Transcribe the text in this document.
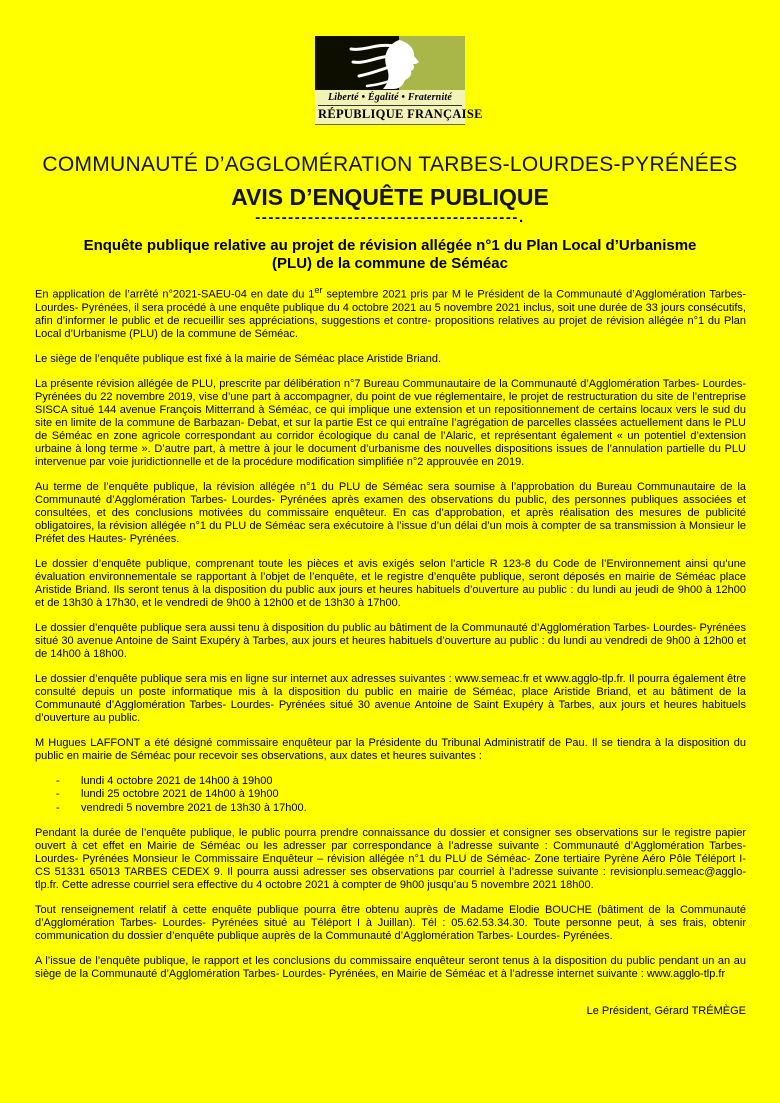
Liberté • Égalité • Fraternité
RÉPUBLIQUE FRANÇAISE
COMMUNAUTÉ D’AGGLOMÉRATION TARBES-LOURDES-PYRÉNÉES
AVIS D’ENQUÊTE PUBLIQUE
----------------------------------------.
Enquête publique relative au projet de révision allégée n°1 du Plan Local d’Urbanisme
(PLU) de la commune de Séméac

En application de l’arrêté n°2021-SAEU-04 en date du 1er septembre 2021 pris par M le Président de la Communauté d’Agglomération Tarbes- Lourdes- Pyrénées, il sera procédé à une enquête publique du 4 octobre 2021 au 5 novembre 2021 inclus, soit une durée de 33 jours consécutifs, afin d’informer le public et de recueillir ses appréciations, suggestions et contre- propositions relatives au projet de révision allégée n°1 du Plan Local d’Urbanisme (PLU) de la commune de Séméac.

Le siège de l’enquête publique est fixé à la mairie de Séméac place Aristide Briand.

La présente révision allégée de PLU, prescrite par délibération n°7 Bureau Communautaire de la Communauté d’Agglomération Tarbes- Lourdes- Pyrénées du 22 novembre 2019, vise d’une part à accompagner, du point de vue réglementaire, le projet de restructuration du site de l’entreprise SISCA situé 144 avenue François Mitterrand à Séméac, ce qui implique une extension et un repositionnement de certains locaux vers le sud du site en limite de la commune de Barbazan- Debat, et sur la partie Est ce qui entraîne l’agrégation de parcelles classées actuellement dans le PLU de Séméac en zone agricole correspondant au corridor écologique du canal de l’Alaric, et représentant également « un potentiel d’extension urbaine à long terme ». D’autre part, à mettre à jour le document d’urbanisme des nouvelles dispositions issues de l’annulation partielle du PLU intervenue par voie juridictionnelle et de la procédure modification simplifiée n°2 approuvée en 2019.

Au terme de l’enquête publique, la révision allégée n°1 du PLU de Séméac sera soumise à l’approbation du Bureau Communautaire de la Communauté d’Agglomération Tarbes- Lourdes- Pyrénées après examen des observations du public, des personnes publiques associées et consultées, et des conclusions motivées du commissaire enquêteur. En cas d’approbation, et après réalisation des mesures de publicité obligatoires, la révision allégée n°1 du PLU de Séméac sera exécutoire à l’issue d’un délai d’un mois à compter de sa transmission à Monsieur le Préfet des Hautes- Pyrénées.

Le dossier d’enquête publique, comprenant toute les pièces et avis exigés selon l’article R 123-8 du Code de l’Environnement ainsi qu’une évaluation environnementale se rapportant à l’objet de l’enquête, et le registre d’enquête publique, seront déposés en mairie de Séméac place Aristide Briand. Ils seront tenus à la disposition du public aux jours et heures habituels d’ouverture au public : du lundi au jeudi de 9h00 à 12h00 et de 13h30 à 17h30, et le vendredi de 9h00 à 12h00 et de 13h30 à 17h00.

Le dossier d’enquête publique sera aussi tenu à disposition du public au bâtiment de la Communauté d’Agglomération Tarbes- Lourdes- Pyrénées situé 30 avenue Antoine de Saint Exupéry à Tarbes, aux jours et heures habituels d’ouverture au public : du lundi au vendredi de 9h00 à 12h00 et de 14h00 à 18h00.

Le dossier d’enquête publique sera mis en ligne sur internet aux adresses suivantes : www.semeac.fr et www.agglo-tlp.fr. Il pourra également être consulté depuis un poste informatique mis à la disposition du public en mairie de Séméac, place Aristide Briand, et au bâtiment de la Communauté d’Agglomération Tarbes- Lourdes- Pyrénées situé 30 avenue Antoine de Saint Exupéry à Tarbes, aux jours et heures habituels d’ouverture au public.

M Hugues LAFFONT a été désigné commissaire enquêteur par la Présidente du Tribunal Administratif de Pau. Il se tiendra à la disposition du public en mairie de Séméac pour recevoir ses observations, aux dates et heures suivantes :

-	lundi 4 octobre 2021 de 14h00 à 19h00
-	lundi 25 octobre 2021 de 14h00 à 19h00
-	vendredi 5 novembre 2021 de 13h30 à 17h00.

Pendant la durée de l’enquête publique, le public pourra prendre connaissance du dossier et consigner ses observations sur le registre papier ouvert à cet effet en Mairie de Séméac ou les adresser par correspondance à l’adresse suivante : Communauté d’Agglomération Tarbes- Lourdes- Pyrénées Monsieur le Commissaire Enquêteur – révision allégée n°1 du PLU de Séméac- Zone tertiaire Pyrène Aéro Pôle Téléport I- CS 51331 65013 TARBES CEDEX 9. Il pourra aussi adresser ses observations par courriel à l’adresse suivante : revisionplu.semeac@agglo-tlp.fr. Cette adresse courriel sera effective du 4 octobre 2021 à compter de 9h00 jusqu’au 5 novembre 2021 18h00.

Tout renseignement relatif à cette enquête publique pourra être obtenu auprès de Madame Elodie BOUCHE (bâtiment de la Communauté d’Agglomération Tarbes- Lourdes- Pyrénées situé au Téléport I à Juillan). Tél : 05.62.53.34.30. Toute personne peut, à ses frais, obtenir communication du dossier d’enquête publique auprès de la Communauté d’Agglomération Tarbes- Lourdes- Pyrénées.

A l’issue de l’enquête publique, le rapport et les conclusions du commissaire enquêteur seront tenus à la disposition du public pendant un an au siège de la Communauté d’Agglomération Tarbes- Lourdes- Pyrénées, en Mairie de Séméac et à l’adresse internet suivante : www.agglo-tlp.fr

Le Président, Gérard TRÉMÈGE
